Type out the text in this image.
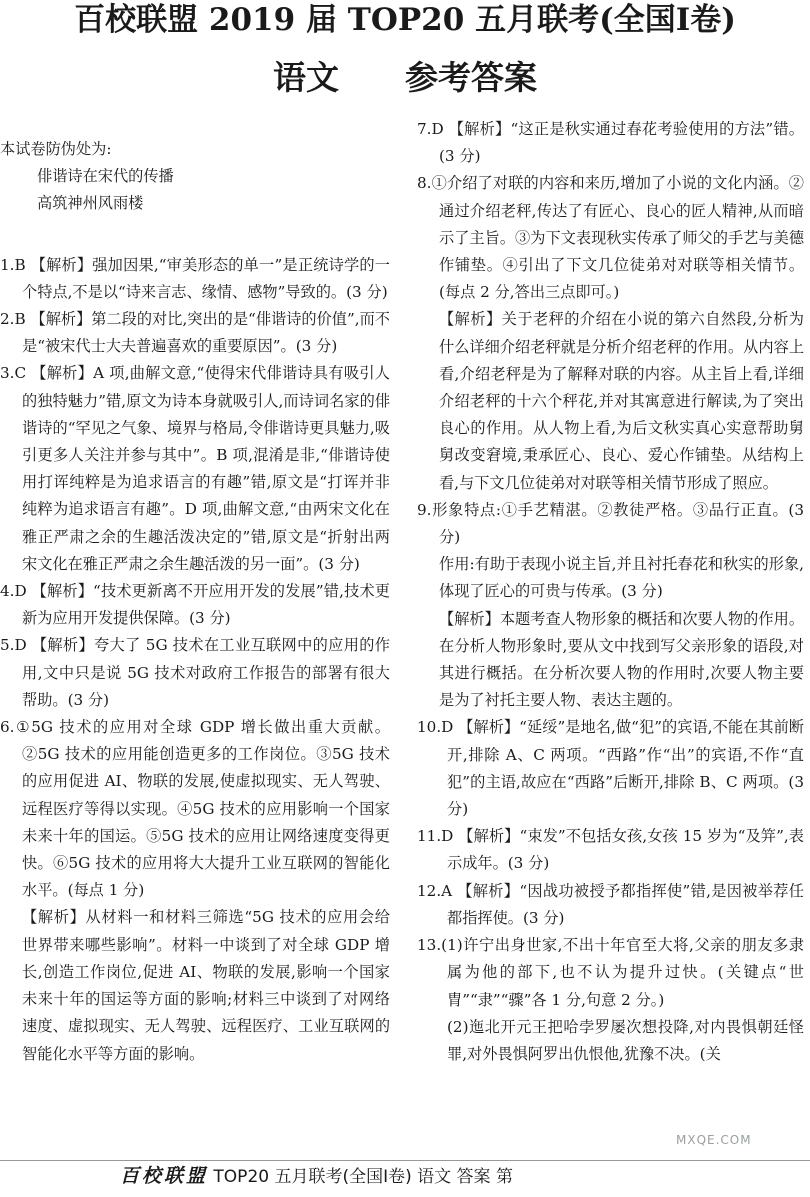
百校联盟 2019 届 TOP20 五月联考(全国Ⅰ卷)
语文 参考答案

本试卷防伪处为:

俳谐诗在宋代的传播

高筑神州风雨楼

1.B 【解析】强加因果,“审美形态的单一”是正统诗学的一个特点,不是以“诗来言志、缘情、感物”导致的。(3 分)

2.B 【解析】第二段的对比,突出的是“俳谐诗的价值”,而不是“被宋代士大夫普遍喜欢的重要原因”。(3 分)

3.C 【解析】A 项,曲解文意,“使得宋代俳谐诗具有吸引人的独特魅力”错,原文为诗本身就吸引人,而诗词名家的俳谐诗的“罕见之气象、境界与格局,令俳谐诗更具魅力,吸引更多人关注并参与其中”。B 项,混淆是非,“俳谐诗使用打诨纯粹是为追求语言的有趣”错,原文是“打诨并非纯粹为追求语言有趣”。D 项,曲解文意,“由两宋文化在雅正严肃之余的生趣活泼决定的”错,原文是“折射出两宋文化在雅正严肃之余生趣活泼的另一面”。(3 分)

4.D 【解析】“技术更新离不开应用开发的发展”错,技术更新为应用开发提供保障。(3 分)

5.D 【解析】夸大了 5G 技术在工业互联网中的应用的作用,文中只是说 5G 技术对政府工作报告的部署有很大帮助。(3 分)

6.①5G 技术的应用对全球 GDP 增长做出重大贡献。②5G 技术的应用能创造更多的工作岗位。③5G 技术的应用促进 AI、物联的发展,使虚拟现实、无人驾驶、远程医疗等得以实现。④5G 技术的应用影响一个国家未来十年的国运。⑤5G 技术的应用让网络速度变得更快。⑥5G 技术的应用将大大提升工业互联网的智能化水平。(每点 1 分)

【解析】从材料一和材料三筛选“5G 技术的应用会给世界带来哪些影响”。材料一中谈到了对全球 GDP 增长,创造工作岗位,促进 AI、物联的发展,影响一个国家未来十年的国运等方面的影响;材料三中谈到了对网络速度、虚拟现实、无人驾驶、远程医疗、工业互联网的智能化水平等方面的影响。

7.D 【解析】“这正是秋实通过春花考验使用的方法”错。(3 分)

8.①介绍了对联的内容和来历,增加了小说的文化内涵。②通过介绍老秤,传达了有匠心、良心的匠人精神,从而暗示了主旨。③为下文表现秋实传承了师父的手艺与美德作铺垫。④引出了下文几位徒弟对对联等相关情节。(每点 2 分,答出三点即可。)

【解析】关于老秤的介绍在小说的第六自然段,分析为什么详细介绍老秤就是分析介绍老秤的作用。从内容上看,介绍老秤是为了解释对联的内容。从主旨上看,详细介绍老秤的十六个秤花,并对其寓意进行解读,为了突出良心的作用。从人物上看,为后文秋实真心实意帮助舅舅改变窘境,秉承匠心、良心、爱心作铺垫。从结构上看,与下文几位徒弟对对联等相关情节形成了照应。

9.形象特点:①手艺精湛。②教徒严格。③品行正直。(3 分)

作用:有助于表现小说主旨,并且衬托春花和秋实的形象,体现了匠心的可贵与传承。(3 分)

【解析】本题考查人物形象的概括和次要人物的作用。在分析人物形象时,要从文中找到写父亲形象的语段,对其进行概括。在分析次要人物的作用时,次要人物主要是为了衬托主要人物、表达主题的。

10.D 【解析】“延绥”是地名,做“犯”的宾语,不能在其前断开,排除 A、C 两项。“西路”作“出”的宾语,不作“直犯”的主语,故应在“西路”后断开,排除 B、C 两项。(3 分)

11.D 【解析】“束发”不包括女孩,女孩 15 岁为“及笄”,表示成年。(3 分)

12.A 【解析】“因战功被授予都指挥使”错,是因被举荐任都指挥使。(3 分)

13.(1)许宁出身世家,不出十年官至大将,父亲的朋友多隶属为他的部下,也不认为提升过快。(关键点“世胄”“隶”“骤”各 1 分,句意 2 分。)

(2)迤北开元王把哈孛罗屡次想投降,对内畏惧朝廷怪罪,对外畏惧阿罗出仇恨他,犹豫不决。(关

MXQE.COM
百校联盟 TOP20 五月联考(全国Ⅰ卷) 语文 答案 第
